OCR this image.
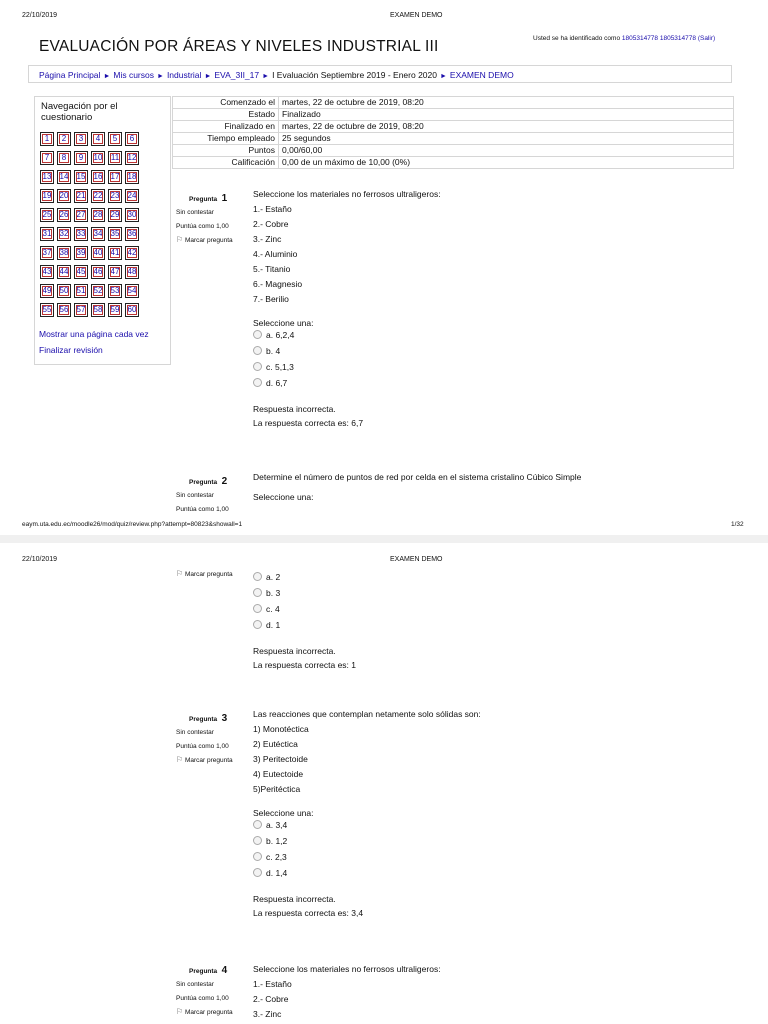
22/10/2019	EXAMEN DEMO
EVALUACIÓN POR ÁREAS Y NIVELES INDUSTRIAL III	Usted se ha identificado como 1805314778 1805314778 (Salir)
Página Principal ► Mis cursos ► Industrial ► EVA_3II_17 ► I Evaluación Septiembre 2019 - Enero 2020 ► EXAMEN DEMO
Navegación por el cuestionario
1	2	3	4	5	6
7	8	9	10	11	12
13	14	15	16	17	18
19	20	21	22	23	24
25	26	27	28	29	30
31	32	33	34	35	36
37	38	39	40	41	42
43	44	45	46	47	48
49	50	51	52	53	54
55	56	57	58	59	60
Mostrar una página cada vez
Finalizar revisión
Comenzado el	martes, 22 de octubre de 2019, 08:20
Estado	Finalizado
Finalizado en	martes, 22 de octubre de 2019, 08:20
Tiempo empleado	25 segundos
Puntos	0,00/60,00
Calificación	0,00 de un máximo de 10,00 (0%)
Pregunta 1
Sin contestar
Puntúa como 1,00
⚐ Marcar pregunta
Seleccione los materiales no ferrosos ultraligeros:
1.- Estaño
2.- Cobre
3.- Zinc
4.- Aluminio
5.- Titanio
6.- Magnesio
7.- Berilio
Seleccione una:
a. 6,2,4
b. 4
c. 5,1,3
d. 6,7
Respuesta incorrecta.
La respuesta correcta es: 6,7
Pregunta 2
Sin contestar
Puntúa como 1,00
Determine el número de puntos de red por celda en el sistema cristalino Cúbico Simple
Seleccione una:
eaym.uta.edu.ec/moodle26/mod/quiz/review.php?attempt=80823&showall=1	1/32
22/10/2019	EXAMEN DEMO
⚐ Marcar pregunta	a. 2
b. 3
c. 4
d. 1
Respuesta incorrecta.
La respuesta correcta es: 1
Pregunta 3
Sin contestar
Puntúa como 1,00
⚐ Marcar pregunta
Las reacciones que contemplan netamente solo sólidas son:
1) Monotéctica
2) Eutéctica
3) Peritectoide
4) Eutectoide
5)Peritéctica
Seleccione una:
a. 3,4
b. 1,2
c. 2,3
d. 1,4
Respuesta incorrecta.
La respuesta correcta es: 3,4
Pregunta 4
Sin contestar
Puntúa como 1,00
⚐ Marcar pregunta
Seleccione los materiales no ferrosos ultraligeros:
1.- Estaño
2.- Cobre
3.- Zinc
